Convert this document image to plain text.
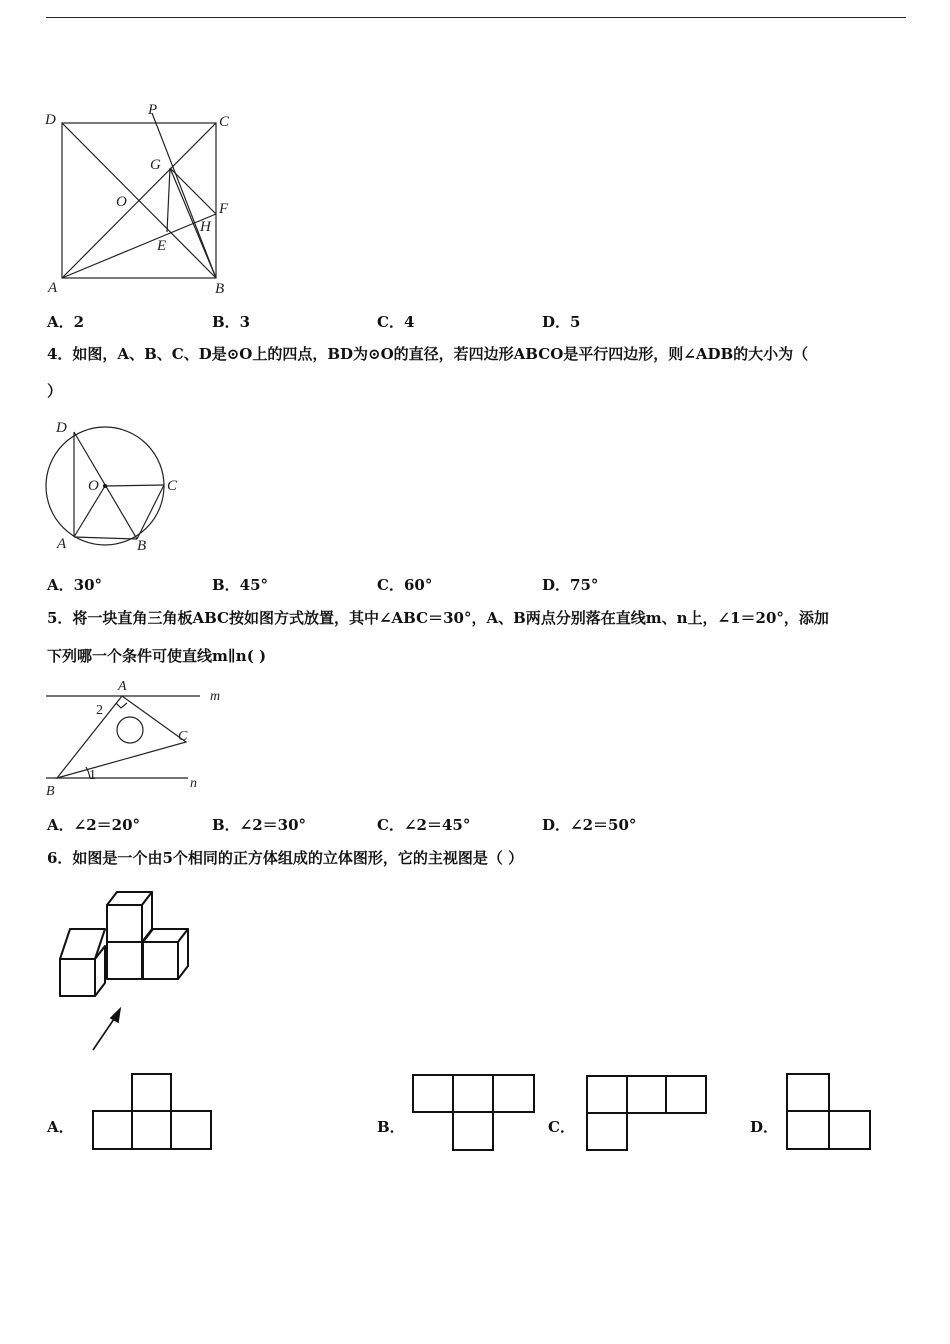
D
P
C
G
O	F
H
E
A	B
A．2	B．3	C．4	D．5
4．如图，A、B、C、D是⊙O上的四点，BD为⊙O的直径，若四边形ABCO是平行四边形，则∠ADB的大小为（
）
D
O	C
A	B
A．30°	B．45°	C．60°	D．75°
5．将一块直角三角板ABC按如图方式放置，其中∠ABC＝30°，A、B两点分别落在直线m、n上，∠1＝20°，添加
下列哪一个条件可使直线m∥n( )
A
m
2
C
1
B
n
A．∠2＝20°	B．∠2＝30°	C．∠2＝45°	D．∠2＝50°
6．如图是一个由5个相同的正方体组成的立体图形，它的主视图是（ ）
A．	B．	C．	D．
